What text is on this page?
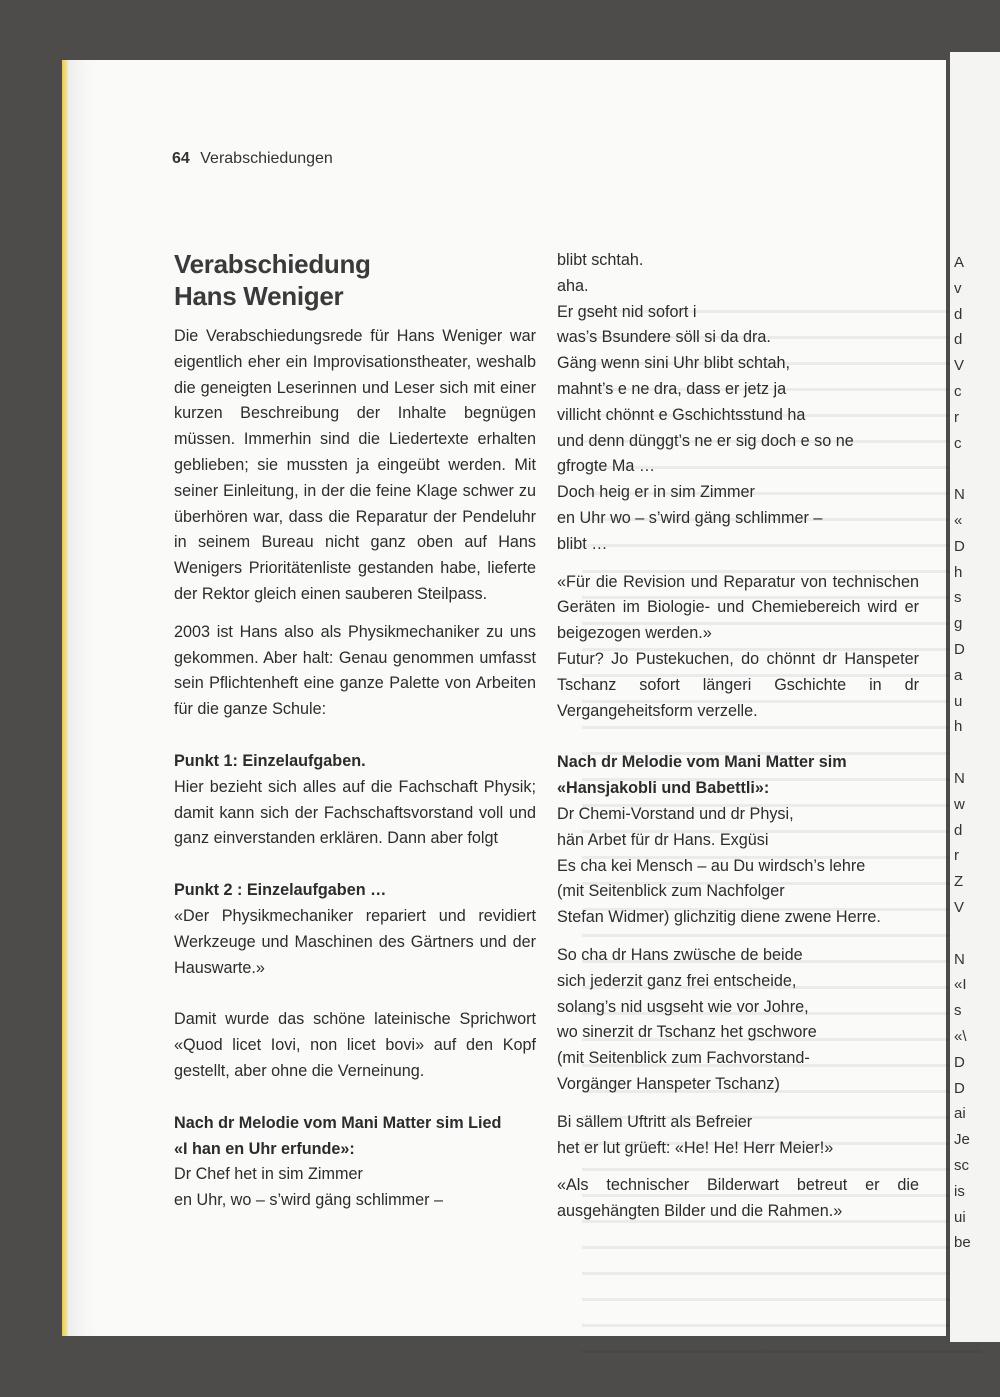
A
v
d
d
V
c
r
c
N
«
D
h
s
g
D
a
u
h
N
w
d
r
Z
V
N
«I
s
«\
D
D
ai
Je
sc
is
ui
be
64 Verabschiedungen
Verabschiedung
Hans Weniger

Die Verabschiedungsrede für Hans Weniger war eigentlich eher ein Improvisationstheater, weshalb die geneigten Leserinnen und Leser sich mit einer kurzen Beschreibung der Inhalte begnügen müssen. Immerhin sind die Liedertexte erhalten geblieben; sie mussten ja eingeübt werden. Mit seiner Einleitung, in der die feine Klage schwer zu überhören war, dass die Reparatur der Pendeluhr in seinem Bureau nicht ganz oben auf Hans Wenigers Prioritätenliste gestanden habe, lieferte der Rektor gleich einen sauberen Steilpass.

2003 ist Hans also als Physikmechaniker zu uns gekommen. Aber halt: Genau genommen umfasst sein Pflichtenheft eine ganze Palette von Arbeiten für die ganze Schule:

Punkt 1: Einzelaufgaben.

Hier bezieht sich alles auf die Fachschaft Physik; damit kann sich der Fachschaftsvorstand voll und ganz einverstanden erklären. Dann aber folgt

Punkt 2 : Einzelaufgaben …

«Der Physikmechaniker repariert und revidiert Werkzeuge und Maschinen des Gärtners und der Hauswarte.»

Damit wurde das schöne lateinische Sprichwort «Quod licet Iovi, non licet bovi» auf den Kopf gestellt, aber ohne die Verneinung.

Nach dr Melodie vom Mani Matter sim Lied
«I han en Uhr erfunde»:

Dr Chef het in sim Zimmer
en Uhr, wo – s’wird gäng schlimmer –
blibt schtah.
aha.
Er gseht nid sofort i
was’s Bsundere söll si da dra.
Gäng wenn sini Uhr blibt schtah,
mahnt’s e ne dra, dass er jetz ja
villicht chönnt e Gschichtsstund ha
und denn dünggt’s ne er sig doch e so ne
gfrogte Ma …
Doch heig er in sim Zimmer
en Uhr wo – s’wird gäng schlimmer –
blibt …

«Für die Revision und Reparatur von technischen Geräten im Biologie- und Chemiebereich wird er beigezogen werden.»

Futur? Jo Pustekuchen, do chönnt dr Hanspeter Tschanz sofort längeri Gschichte in dr Vergangeheitsform verzelle.

Nach dr Melodie vom Mani Matter sim
«Hansjakobli und Babettli»:

Dr Chemi-Vorstand und dr Physi,
hän Arbet für dr Hans. Exgüsi
Es cha kei Mensch – au Du wirdsch’s lehre
(mit Seitenblick zum Nachfolger
Stefan Widmer) glichzitig diene zwene Herre.
So cha dr Hans zwüsche de beide
sich jederzit ganz frei entscheide,
solang’s nid usgseht wie vor Johre,
wo sinerzit dr Tschanz het gschwore
(mit Seitenblick zum Fachvorstand-
Vorgänger Hanspeter Tschanz)
Bi sällem Uftritt als Befreier
het er lut grüeft: «He! He! Herr Meier!»

«Als technischer Bilderwart betreut er die ausgehängten Bilder und die Rahmen.»
